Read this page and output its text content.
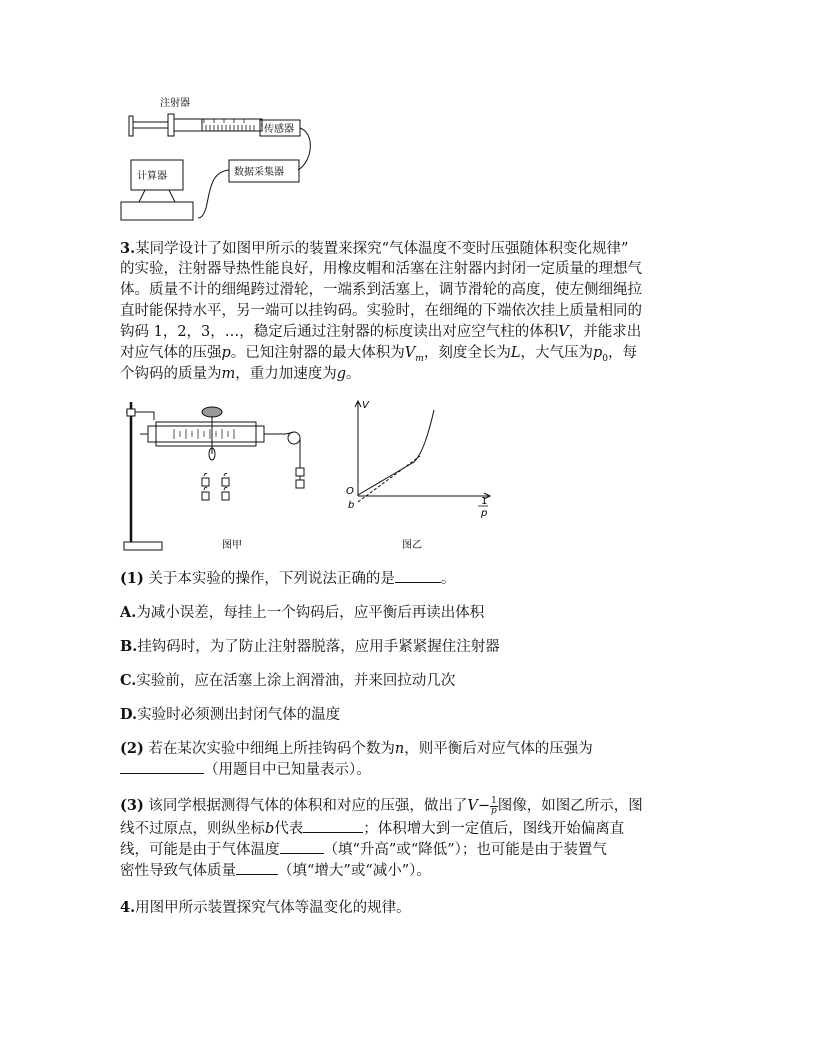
注射器
传感器
数据采集器
计算器
3.某同学设计了如图甲所示的装置来探究“气体温度不变时压强随体积变化规律”
的实验，注射器导热性能良好，用橡皮帽和活塞在注射器内封闭一定质量的理想气
体。质量不计的细绳跨过滑轮，一端系到活塞上，调节滑轮的高度，使左侧细绳拉
直时能保持水平，另一端可以挂钩码。实验时，在细绳的下端依次挂上质量相同的
钩码 1，2，3，…，稳定后通过注射器的标度读出对应空气柱的体积V，并能求出
对应气体的压强p。已知注射器的最大体积为$V_m$，刻度全长为L，大气压为$p_0$，每
个钩码的质量为m，重力加速度为g。
图甲
V
O
b	1
p
图乙
(1) 关于本实验的操作，下列说法正确的是	。
A.为减小误差，每挂上一个钩码后，应平衡后再读出体积
B.挂钩码时，为了防止注射器脱落，应用手紧紧握住注射器
C.实验前，应在活塞上涂上润滑油，并来回拉动几次
D.实验时必须测出封闭气体的温度
(2) 若在某次实验中细绳上所挂钩码个数为n，则平衡后对应气体的压强为
（用题目中已知量表示）。
(3) 该同学根据测得气体的体积和对应的压强，做出了$V- \frac{1}{p}$ 图像，如图乙所示，图
线不过原点，则纵坐标b代表	；体积增大到一定值后，图线开始偏离直
线，可能是由于气体温度	（填“升高”或“降低”）；也可能是由于装置气
密性导致气体质量	（填“增大”或“减小”）。
4.用图甲所示装置探究气体等温变化的规律。
